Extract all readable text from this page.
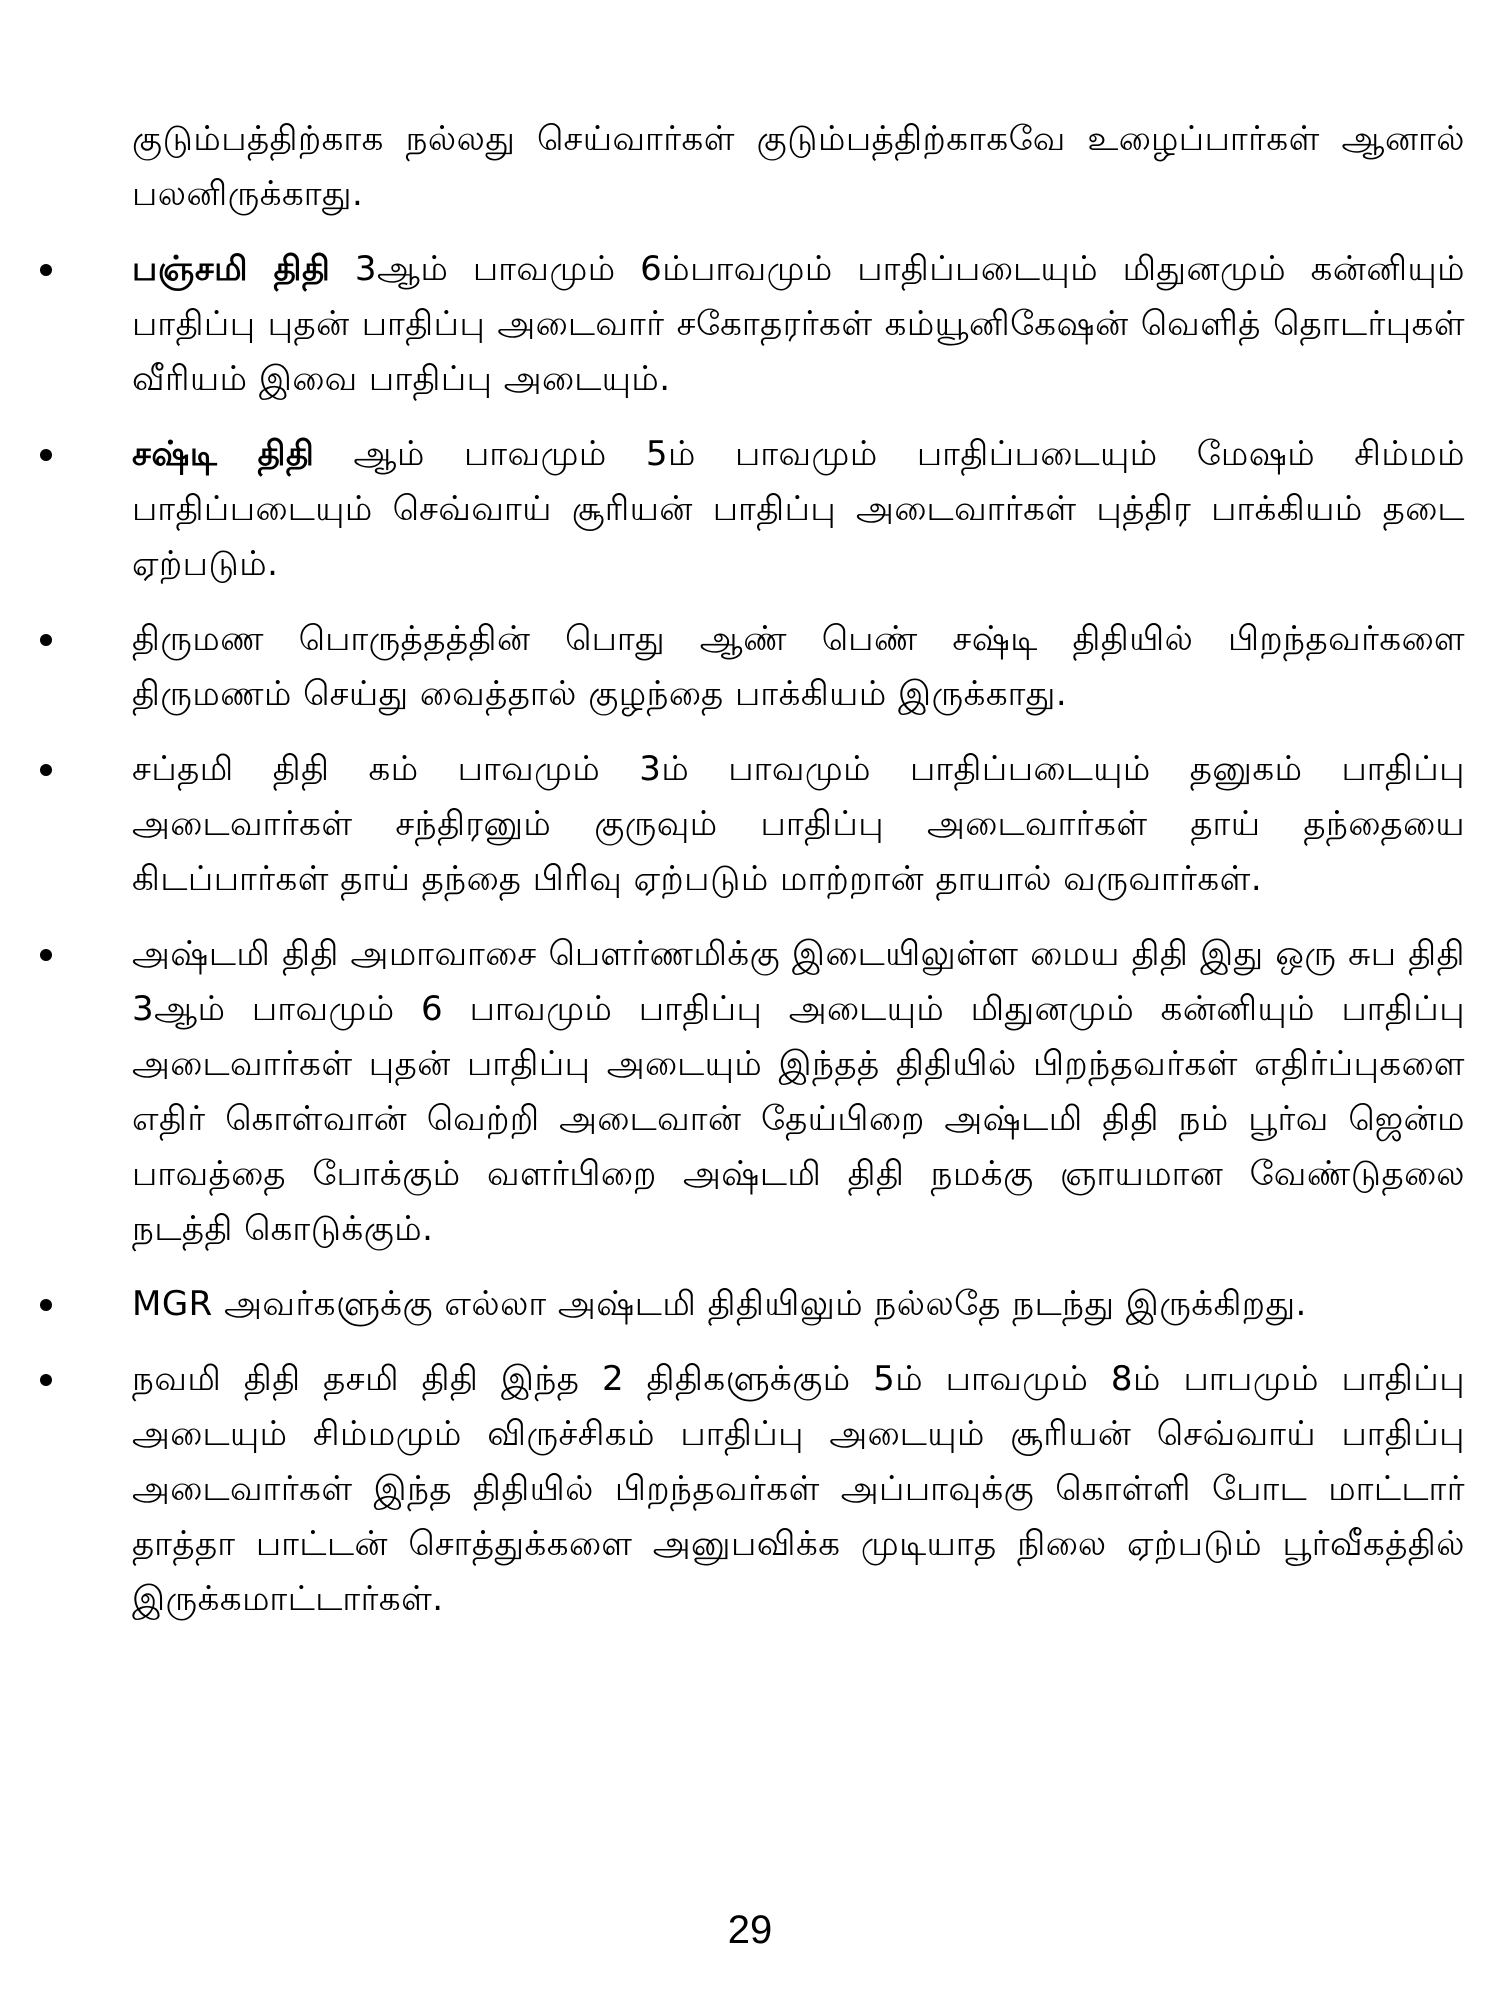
குடும்பத்திற்காக நல்லது செய்வார்கள் குடும்பத்திற்காகவே உழைப்பார்கள் ஆனால் பலனிருக்காது.

பஞ்சமி திதி 3ஆம் பாவமும் 6ம்பாவமும் பாதிப்படையும் மிதுனமும் கன்னியும் பாதிப்பு புதன் பாதிப்பு அடைவார் சகோதரர்கள் கம்யூனிகேஷன் வெளித் தொடர்புகள் வீரியம் இவை பாதிப்பு அடையும்.
சஷ்டி திதி ஆம் பாவமும் 5ம் பாவமும் பாதிப்படையும் மேஷம் சிம்மம் பாதிப்படையும் செவ்வாய் சூரியன் பாதிப்பு அடைவார்கள் புத்திர பாக்கியம் தடை ஏற்படும்.
திருமண பொருத்தத்தின் பொது ஆண் பெண் சஷ்டி திதியில் பிறந்தவர்களை திருமணம் செய்து வைத்தால் குழந்தை பாக்கியம் இருக்காது.
சப்தமி திதி கம் பாவமும் 3ம் பாவமும் பாதிப்படையும் தனுகம் பாதிப்பு அடைவார்கள் சந்திரனும் குருவும் பாதிப்பு அடைவார்கள் தாய் தந்தையை கிடப்பார்கள் தாய் தந்தை பிரிவு ஏற்படும் மாற்றான் தாயால் வருவார்கள்.
அஷ்டமி திதி அமாவாசை பௌர்ணமிக்கு இடையிலுள்ள மைய திதி இது ஒரு சுப திதி 3ஆம் பாவமும் 6 பாவமும் பாதிப்பு அடையும் மிதுனமும் கன்னியும் பாதிப்பு அடைவார்கள் புதன் பாதிப்பு அடையும் இந்தத் திதியில் பிறந்தவர்கள் எதிர்ப்புகளை எதிர் கொள்வான் வெற்றி அடைவான் தேய்பிறை அஷ்டமி திதி நம் பூர்வ ஜென்ம பாவத்தை போக்கும் வளர்பிறை அஷ்டமி திதி நமக்கு ஞாயமான வேண்டுதலை நடத்தி கொடுக்கும்.
MGR அவர்களுக்கு எல்லா அஷ்டமி திதியிலும் நல்லதே நடந்து இருக்கிறது.
நவமி திதி தசமி திதி இந்த 2 திதிகளுக்கும் 5ம் பாவமும் 8ம் பாபமும் பாதிப்பு அடையும் சிம்மமும் விருச்சிகம் பாதிப்பு அடையும் சூரியன் செவ்வாய் பாதிப்பு அடைவார்கள் இந்த திதியில் பிறந்தவர்கள் அப்பாவுக்கு கொள்ளி போட மாட்டார் தாத்தா பாட்டன் சொத்துக்களை அனுபவிக்க முடியாத நிலை ஏற்படும் பூர்வீகத்தில் இருக்கமாட்டார்கள்.
29
